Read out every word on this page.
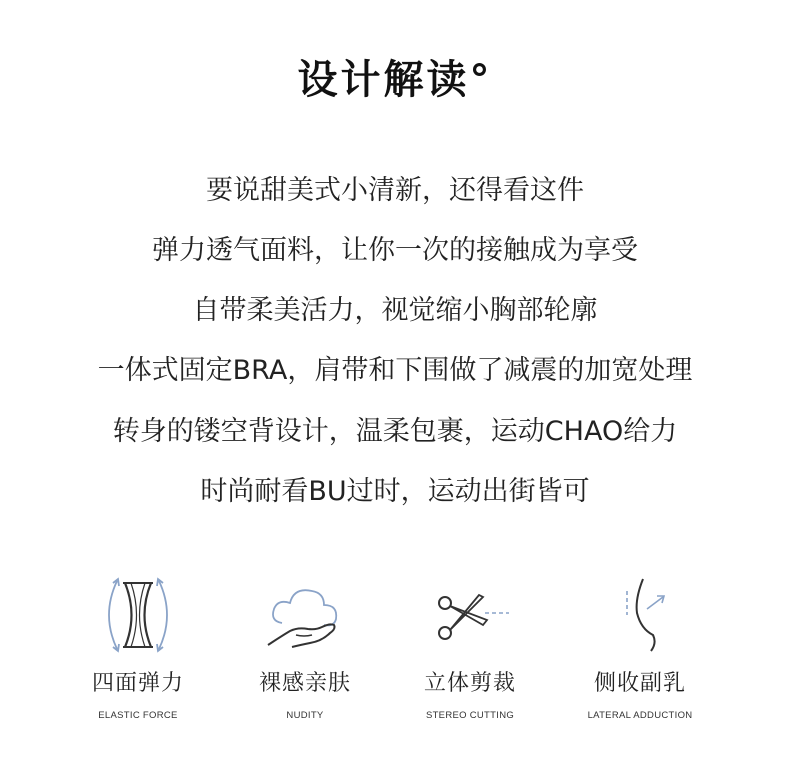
设计解读°
要说甜美式小清新，还得看这件
弹力透气面料，让你一次的接触成为享受
自带柔美活力，视觉缩小胸部轮廓
一体式固定BRA，肩带和下围做了减震的加宽处理
转身的镂空背设计，温柔包裹，运动CHAO给力
时尚耐看BU过时，运动出街皆可
四面弹力
ELASTIC FORCE
裸感亲肤
NUDITY
立体剪裁
STEREO CUTTING
侧收副乳
LATERAL ADDUCTION
